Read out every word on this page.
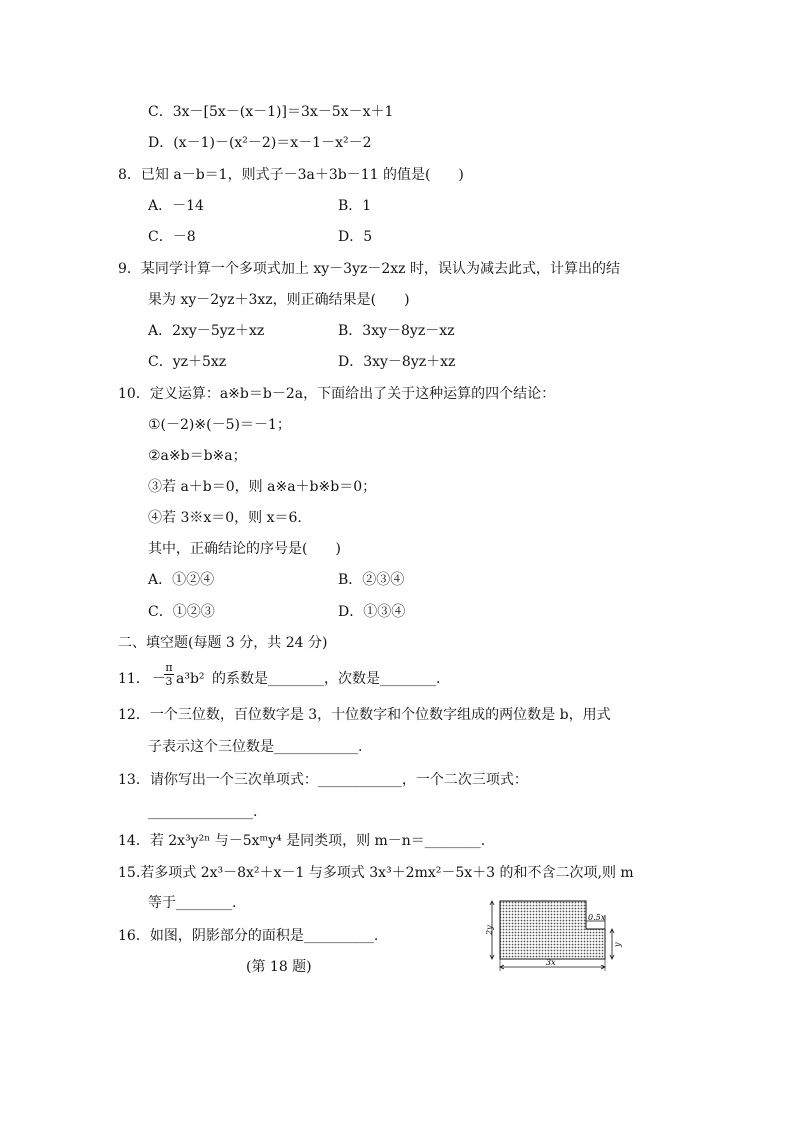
C．3x－[5x－(x－1)]＝3x－5x－x＋1
D．(x－1)－(x²－2)＝x－1－x²－2
8．已知 a－b＝1，则式子－3a＋3b－11 的值是(　　)
A．－14	B．1
C．－8	D．5
9．某同学计算一个多项式加上 xy－3yz－2xz 时，误认为减去此式，计算出的结
果为 xy－2yz＋3xz，则正确结果是(　　)
A．2xy－5yz＋xz	B．3xy－8yz－xz
C．yz＋5xz	D．3xy－8yz＋xz
10．定义运算：a※b＝b－2a，下面给出了关于这种运算的四个结论：
①(－2)※(－5)＝－1；
②a※b＝b※a；
③若 a＋b＝0，则 a※a＋b※b＝0；
④若 3※x＝0，则 x＝6.
其中，正确结论的序号是(　　)
A．①②④	B．②③④
C．①②③	D．①③④
二、填空题(每题 3 分，共 24 分)
11． －
π
3 a³b² 的系数是________，次数是________.
12．一个三位数，百位数字是 3，十位数字和个位数字组成的两位数是 b，用式
子表示这个三位数是____________.
13．请你写出一个三次单项式：____________，一个二次三项式：
_______________.
14．若 2x³y²ⁿ 与－5xᵐy⁴ 是同类项，则 m－n＝________.
15.若多项式 2x³－8x²＋x－1 与多项式 3x³＋2mx²－5x＋3 的和不含二次项,则 m
等于________.
16．如图，阴影部分的面积是__________.
(第 18 题)
0.5x
2y
y
3x
